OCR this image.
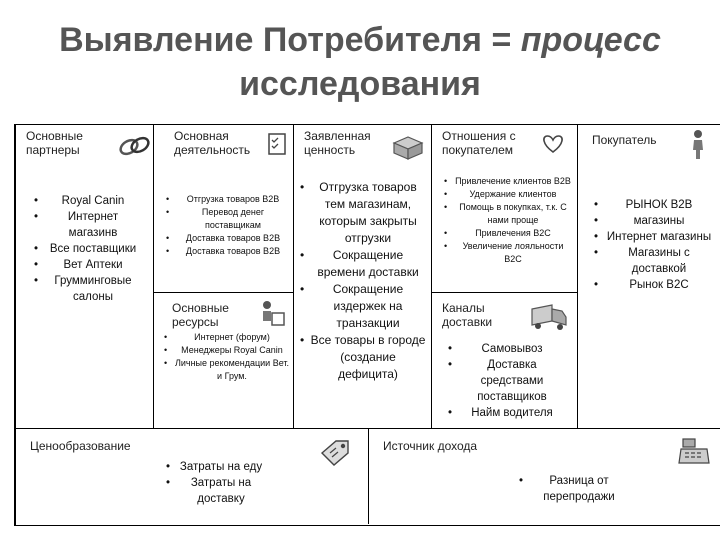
Выявление Потребителя = процесс
исследования
Основные партнеры
• Royal Canin
• Интернет магазинв
• Все поставщики
• Вет Аптеки
• Грумминговые салоны
Основная деятельность
• Отгрузка товаров B2B
• Перевод денег поставщикам
• Доставка товаров B2B
• Доставка товаров B2B
Основные ресурсы
• Интернет (форум)
• Менеджеры Royal Canin
• Личные рекомендации Вет. и Грум.
Заявленная ценность
• Отгрузка товаров тем магазинам, которым закрыты отгрузки
• Сокращение времени доставки
• Сокращение издержек на транзакции
• Все товары в городе (создание дефицита)
Отношения с покупателем
• Привлечение клиентов B2B
• Удержание клиентов
• Помощь в покупках, т.к. С нами проще
• Привлечения B2C
• Увеличение лояльности B2C
Каналы доставки
• Самовывоз
• Доставка средствами поставщиков
• Найм водителя
Покупатель
• РЫНОК B2B
• магазины
• Интернет магазины
• Магазины с доставкой
• Рынок B2C
Ценообразование
• Затраты на еду
• Затраты на доставку
Источник дохода
• Разница от перепродажи
